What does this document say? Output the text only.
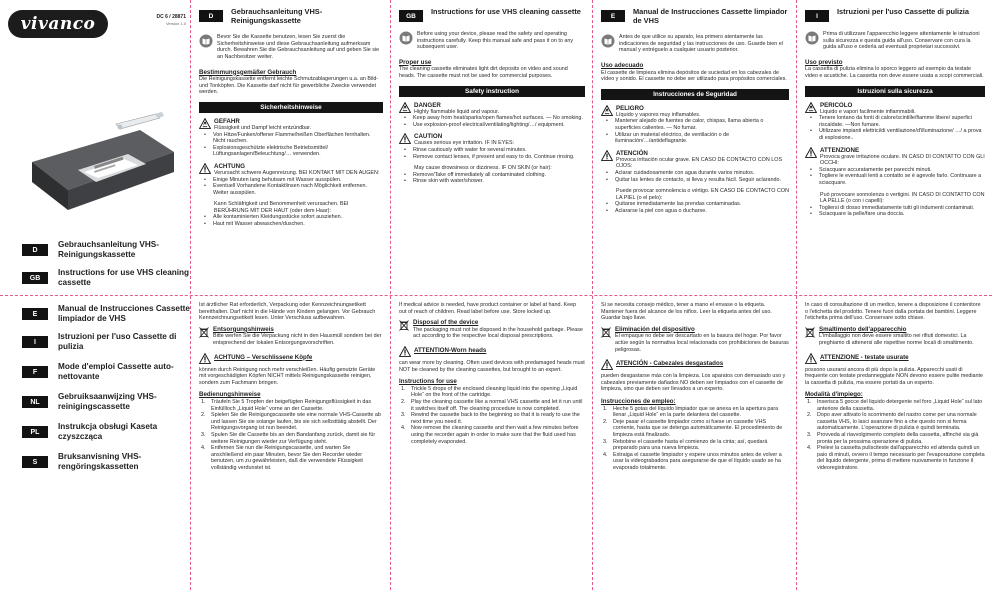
vivanco	DC 6 / 28871
Version 1.0
D
Gebrauchsanleitung VHS-Reinigungskassette
GB
Instructions for use VHS cleaning cassette
E
Manual de Instrucciones Cassette limpiador de VHS
I
Istruzioni per l'uso Cassette di pulizia
F
Mode d'emploi Cassette auto-nettovante
NL
Gebruiksaanwijzing VHS-reinigingscassette
PL
Instrukcja obsługi Kaseta czyszcząca
S
Bruksanvisning VHS-rengöringskassetten
D	Gebrauchsanleitung VHS-Reinigungskassette
Bevor Sie die Kassette benutzen, lesen Sie zuerst die Sicherheitshinweise und diese Gebrauchsanleitung aufmerksam durch. Bewahren Sie die Gebrauchsanleitung auf und geben Sie sie an Nachbesitzer weiter.
Bestimmungsgemäßer Gebrauch
Die Reinigungskassette entfernt leichte Schmutzablagerungen u.a. an Bild- und Tonköpfen. Die Kassette darf nicht für gewerbliche Zwecke verwendet werden.
Sicherheitshinweise
GEFAHR
Flüssigkeit und Dampf leicht entzündbar.
• Von Hitze/Funken/offener Flamme/heißen Oberflächen fernhalten. Nicht rauchen.
• Explosionsgeschützte elektrische Betriebsmittel/ Lüftungsanlagen/Beleuchtung/… verwenden.
ACHTUNG
Verursacht schwere Augenreizung. BEI KONTAKT MIT DEN AUGEN:
• Einige Minuten lang behutsam mit Wasser ausspülen.
• Eventuell Vorhandene Kontaktlinsen nach Möglichkeit entfernen. Weiter ausspülen.
Kann Schläfrigkeit und Benommenheit verursachen. BEI BERÜHRUNG MIT DER HAUT (oder dem Haar):
• Alle kontaminierten Kleidungsstücke sofort ausziehen.
• Haut mit Wasser abwaschen/duschen.
Ist ärztlicher Rat erforderlich, Verpackung oder Kennzeichnungsetikett bereithalten. Darf nicht in die Hände von Kindern gelangen. Vor Gebrauch Kennzeichnungsetikett lesen. Unter Verschluss aufbewahren.
Entsorgungshinweis
Bitte werfen Sie die Verpackung nicht in den Hausmüll sondern bei der entsprechend der lokalen Entsorgungsvorschriften.
ACHTUNG – Verschlissene Köpfe
können durch Reinigung noch mehr verschleißen. Häufig genutzte Geräte mit vorgeschädigten Köpfen NICHT mittels Reinigungskassette reinigen, sondern zum Fachmann bringen.
Bedienungshinweise
1. Träufeln Sie 5 Tropfen der beigefügten Reinigungsflüssigkeit in das Einfüllloch „Liquid Hole“ vorne an der Cassette.
2. Spielen Sie die Reinigungscassette wie eine normale VHS-Cassette ab und lassen Sie sie solange laufen, bis sie sich selbsttätig abstellt. Der Reinigungsvorgang ist nun beendet.
3. Spulen Sie die Cassette bis an den Bandanfang zurück, damit sie für weitere Reinigungen wieder zur Verfügung steht.
4. Entfernen Sie nun die Reinigungscassette, und warten Sie anschließend ein paar Minuten, bevor Sie den Recorder wieder benutzen, um zu gewährleisten, daß die verwendete Flüssigkeit vollständig verdunstet ist.
GB	Instructions for use VHS cleaning cassette
Before using your device, please read the safety and operating instructions carefully. Keep this manual safe and pass it on to any subsequent user.
Proper use
The cleaning cassette eliminates light dirt deposits on video and sound heads. The cassette must not be used for commercial purposes.
Safety instruction
DANGER
Highly flammable liquid and vapour.
• Keep away from heat/sparks/open flames/hot surfaces. — No smoking.
• Use explosion-proof electrical/ventilating/lighting/…/ equipment.
CAUTION
Causes serious eye irritation. IF IN EYES:
• Rinse cautiously with water for several minutes.
• Remove contact lenses, if present and easy to do. Continue rinsing.
May cause drowsiness or dizziness. IF ON SKIN (or hair):
• Remove/Take off immediately all contaminated clothing.
• Rinse skin with water/shower.
If medical advice is needed, have product container or label at hand. Keep out of reach of children. Read label before use. Store locked up.
Disposal of the device
The packaging must not be disposed in the household garbage. Please act according to the respective local disposal prescriptions.
ATTENTION-Worn heads
can wear more by cleaning. Often used devices with predamaged heads must NOT be cleaned by the cleaning cassettes, but brought to an expert.
Instructions for use
1. Trickle 5 drops of the enclosed cleaning liquid into the opening „Liquid Hole“ on the front of the cartridge.
2. Play the cleaning cassette like a normal VHS cassette and let it run until it switches itself off. The cleaning procedure is now completed.
3. Rewind the cassette back to the beginning so that it is ready to use the next time you need it.
4. Now remove the cleaning cassette and then wait a few minutes before using the recorder again in order to make sure that the fluid used has completely evaporated.
E	Manual de Instrucciones Cassette limpiador de VHS
Antes de que utilice su aparato, lea primero atentamente las indicaciones de seguridad y las instrucciones de uso. Guarde bien el manual y entréguelo a cualquier usuario posterior.
Uso adecuado
El cassette de limpieza elimina depósitos de suciedad en los cabezales de vídeo y sonido. El cassette no debe ser utilizado para propósitos comerciales.
Instrucciones de Seguridad
PELIGRO
Líquido y vapores muy inflamables.
• Mantener alejado de fuentes de calor, chispas, llama abierta o superficies calientes. — No fumar.
• Utilizar un material eléctrico, de ventilación o de iluminación/…/antideflagrante.
ATENCIÓN
Provoca irritación ocular grave. EN CASO DE CONTACTO CON LOS OJOS:
• Aclarar cuidadosamente con agua durante varios minutos.
• Quitar las lentes de contacto, si lleva y resulta fácil. Seguir aclarando.
Puede provocar somnolencia o vértigo. EN CASO DE CONTACTO CON LA PIEL (o el pelo):
• Quitarse inmediatamente las prendas contaminadas.
• Aclararse la piel con agua o ducharse.
Si se necesita consejo médico, tener a mano el envase o la etiqueta. Mantener fuera del alcance de los niños. Leer la etiqueta antes del uso. Guardar bajo llave.
Eliminación del dispositivo
El empaque no debe ser descartado en la basura del hogar. Por favor actúe según la normativa local relacionada con prohibiciones de basuras peligrosas.
ATENCIÓN - Cabezales desgastados
pueden desgastarse más con la limpieza. Los aparatos con demasiado uso y cabezales previamente dañados NO deben ser limpiados con el cassette de limpieza, sino que deben ser llevados a un experto.
Instrucciones de empleo:
1. Heche 5 gotas del líquido limpiador que se anexa en la apertura para llenar „Liquid Hole“ en la parte delantera del cassette.
2. Deje pasar el cassette limpiador como si fuese un cassette VHS corriente, hasta que se detenga automáticamente. El procedimiento de limpieza está finalizado.
3. Rebobine el cassette hasta el comienzo de la cinta; así, quedará preparado para una nueva limpieza.
4. Extraiga el cassette limpiador y espere unos minutos antes de volver a usar la videograbadora para asegurarse de que el líquido usado se ha evaporado totalmente.
I	Istruzioni per l'uso Cassette di pulizia
Prima di utilizzare l'apparecchio leggere attentamente le istruzioni sulla sicurezza e questa guida all'uso. Conservare con cura la guida all'uso e cederla ad eventuali proprietari successivi.
Uso previsto
La cassetta di pulizia elimina lo sporco leggero ad esempio da testate video e acustiche. La cassetta non deve essere usata a scopi commerciali.
Istruzioni sulla sicurezza
PERICOLO
Liquido e vapori facilmente infiammabili.
• Tenere lontano da fonti di calore/scintille/fiamme libere/ superfici riscaldate. —Non fumare.
• Utilizzare impianti elettrici/di ventilazione/d'illuminazione/ …/ a prova di esplosione..
ATTENZIONE
Provoca grave irritazione oculare. IN CASO DI CONTATTO CON GLI OCCHI:
• Sciacquare accuratamente per parecchi minuti.
• Togliere le eventuali lenti a contatto se è agevole farlo. Continuare a sciacquare.
Può provocare sonnolenza o vertigini. IN CASO DI CONTATTO CON LA PELLE (o con i capelli):
• Togliersi di dosso immediatamente tutti gli indumenti contaminati.
• Sciacquare la pelle/fare una doccia.
In caso di consultazione di un medico, tenere a disposizione il contenitore o l'etichetta del prodotto. Tenere fuori dalla portata dei bambini. Leggere l'etichetta prima dell'uso. Conservare sotto chiave.
Smaltimento dell'apparecchio
L'imballaggio non deve essere smaltito nei rifiuti domestici. La preghiamo di attenersi alle rispettive norme locali di smaltimento.
ATTENZIONE - testate usurate
possono usurarsi ancora di più dopo la pulizia. Apparecchi usati di frequente con testate predanneggiate NON devono essere pulite mediante la cassetta di pulizia, ma essere portati da un esperto.
Modalità d'impiego:
1. Inserisca 5 gocce del liquido detergente nel foro „Liquid Hole“ sul lato anteriore della cassetta.
2. Dopo aver attivato lo scorrimento del nastro come per una normale cassetta VHS, lo lasci avanzare fino a che questo non si ferma automaticamente. L'operazione di pulizia è quindi terminata.
3. Provveda al riavvolgimento completo della cassetta, affinché sia già pronta per la prossima operazione di pulizia.
4. Prelevi la cassetta pulisciteste dall'apparecchio ed attenda quindi un paio di minuti, ovvero il tempo necessario per l'evaporazione completa del liquido detergente, prima di mettere nuovamente in funzione il videoregistratore.
